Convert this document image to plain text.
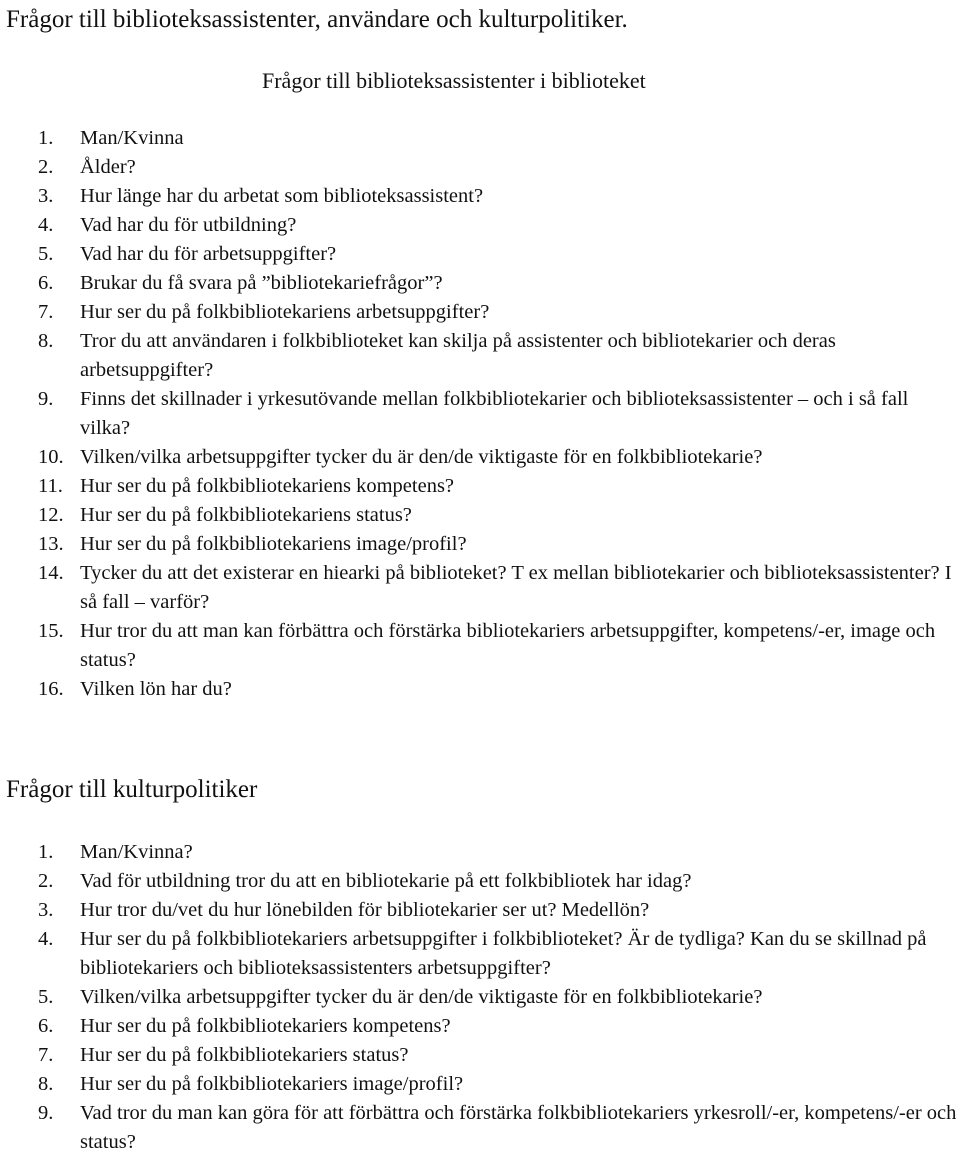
Frågor till biblioteksassistenter, användare och kulturpolitiker.
Frågor till biblioteksassistenter i biblioteket
1. Man/Kvinna
2. Ålder?
3. Hur länge har du arbetat som biblioteksassistent?
4. Vad har du för utbildning?
5. Vad har du för arbetsuppgifter?
6. Brukar du få svara på ”bibliotekariefrågor”?
7. Hur ser du på folkbibliotekariens arbetsuppgifter?
8. Tror du att användaren i folkbiblioteket kan skilja på assistenter och bibliotekarier och deras arbetsuppgifter?
9. Finns det skillnader i yrkesutövande mellan folkbibliotekarier och biblioteksassistenter – och i så fall vilka?
10. Vilken/vilka arbetsuppgifter tycker du är den/de viktigaste för en folkbibliotekarie?
11. Hur ser du på folkbibliotekariens kompetens?
12. Hur ser du på folkbibliotekariens status?
13. Hur ser du på folkbibliotekariens image/profil?
14. Tycker du att det existerar en hiearki på biblioteket? T ex mellan bibliotekarier och biblioteksassistenter? I så fall – varför?
15. Hur tror du att man kan förbättra och förstärka bibliotekariers arbetsuppgifter, kompetens/-er, image och status?
16. Vilken lön har du?
Frågor till kulturpolitiker
1. Man/Kvinna?
2. Vad för utbildning tror du att en bibliotekarie på ett folkbibliotek har idag?
3. Hur tror du/vet du hur lönebilden för bibliotekarier ser ut? Medellön?
4. Hur ser du på folkbibliotekariers arbetsuppgifter i folkbiblioteket? Är de tydliga? Kan du se skillnad på bibliotekariers och biblioteksassistenters arbetsuppgifter?
5. Vilken/vilka arbetsuppgifter tycker du är den/de viktigaste för en folkbibliotekarie?
6. Hur ser du på folkbibliotekariers kompetens?
7. Hur ser du på folkbibliotekariers status?
8. Hur ser du på folkbibliotekariers image/profil?
9. Vad tror du man kan göra för att förbättra och förstärka folkbibliotekariers yrkesroll/-er, kompetens/-er och status?
